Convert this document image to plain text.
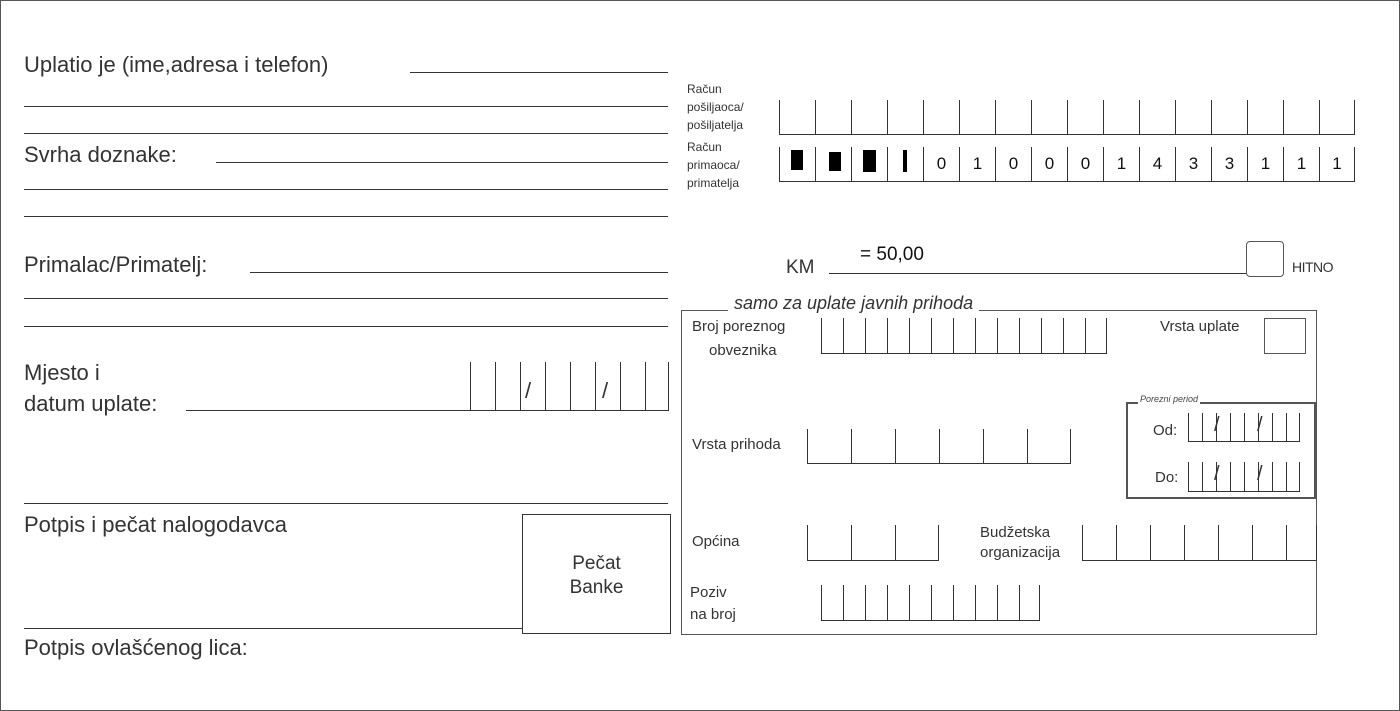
Uplatio je (ime,adresa i telefon)
Svrha doznake:
Primalac/Primatelj:
Mjesto i
datum uplate:
/	/
Potpis i pečat nalogodavca
Pečat
Banke
Potpis ovlašćenog lica:
Račun
pošiljaoca/
pošiljatelja
Račun
primaoca/
primatelja
0	1	0	0	0	1	4	3	3	1	1	1
KM
= 50,00
HITNO
samo za uplate javnih prihoda
Broj poreznog
obveznika
Vrsta uplate
Porezni period
Od: / /
Do: / /
Vrsta prihoda
Općina
Budžetska
organizacija
Poziv
na broj
